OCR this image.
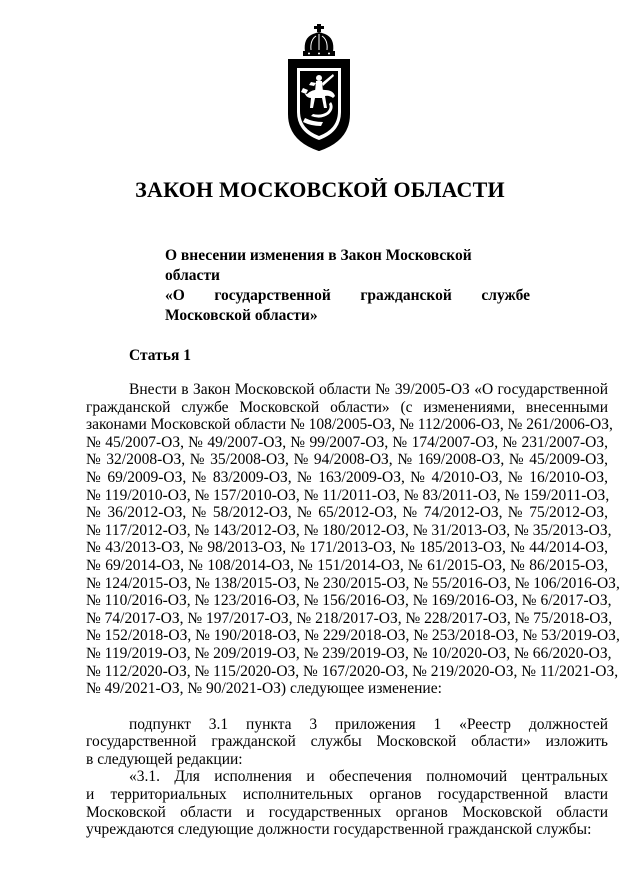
ЗАКОН МОСКОВСКОЙ ОБЛАСТИ
О внесении изменения в Закон Московской области
«О государственной гражданской службе
Московской области»
Статья 1
Внести в Закон Московской области № 39/2005-ОЗ «О государственной
гражданской службе Московской области» (с изменениями, внесенными
законами Московской области № 108/2005-ОЗ, № 112/2006-ОЗ, № 261/2006-ОЗ,
№ 45/2007-ОЗ, № 49/2007-ОЗ, № 99/2007-ОЗ, № 174/2007-ОЗ, № 231/2007-ОЗ,
№ 32/2008-ОЗ, № 35/2008-ОЗ, № 94/2008-ОЗ, № 169/2008-ОЗ, № 45/2009-ОЗ,
№ 69/2009-ОЗ, № 83/2009-ОЗ, № 163/2009-ОЗ, № 4/2010-ОЗ, № 16/2010-ОЗ,
№ 119/2010-ОЗ, № 157/2010-ОЗ, № 11/2011-ОЗ, № 83/2011-ОЗ, № 159/2011-ОЗ,
№ 36/2012-ОЗ, № 58/2012-ОЗ, № 65/2012-ОЗ, № 74/2012-ОЗ, № 75/2012-ОЗ,
№ 117/2012-ОЗ, № 143/2012-ОЗ, № 180/2012-ОЗ, № 31/2013-ОЗ, № 35/2013-ОЗ,
№ 43/2013-ОЗ, № 98/2013-ОЗ, № 171/2013-ОЗ, № 185/2013-ОЗ, № 44/2014-ОЗ,
№ 69/2014-ОЗ, № 108/2014-ОЗ, № 151/2014-ОЗ, № 61/2015-ОЗ, № 86/2015-ОЗ,
№ 124/2015-ОЗ, № 138/2015-ОЗ, № 230/2015-ОЗ, № 55/2016-ОЗ, № 106/2016-ОЗ,
№ 110/2016-ОЗ, № 123/2016-ОЗ, № 156/2016-ОЗ, № 169/2016-ОЗ, № 6/2017-ОЗ,
№ 74/2017-ОЗ, № 197/2017-ОЗ, № 218/2017-ОЗ, № 228/2017-ОЗ, № 75/2018-ОЗ,
№ 152/2018-ОЗ, № 190/2018-ОЗ, № 229/2018-ОЗ, № 253/2018-ОЗ, № 53/2019-ОЗ,
№ 119/2019-ОЗ, № 209/2019-ОЗ, № 239/2019-ОЗ, № 10/2020-ОЗ, № 66/2020-ОЗ,
№ 112/2020-ОЗ, № 115/2020-ОЗ, № 167/2020-ОЗ, № 219/2020-ОЗ, № 11/2021-ОЗ,
№ 49/2021-ОЗ, № 90/2021-ОЗ) следующее изменение:
подпункт 3.1 пункта 3 приложения 1 «Реестр должностей
государственной гражданской службы Московской области» изложить
в следующей редакции:
«3.1. Для исполнения и обеспечения полномочий центральных
и территориальных исполнительных органов государственной власти
Московской области и государственных органов Московской области
учреждаются следующие должности государственной гражданской службы:
